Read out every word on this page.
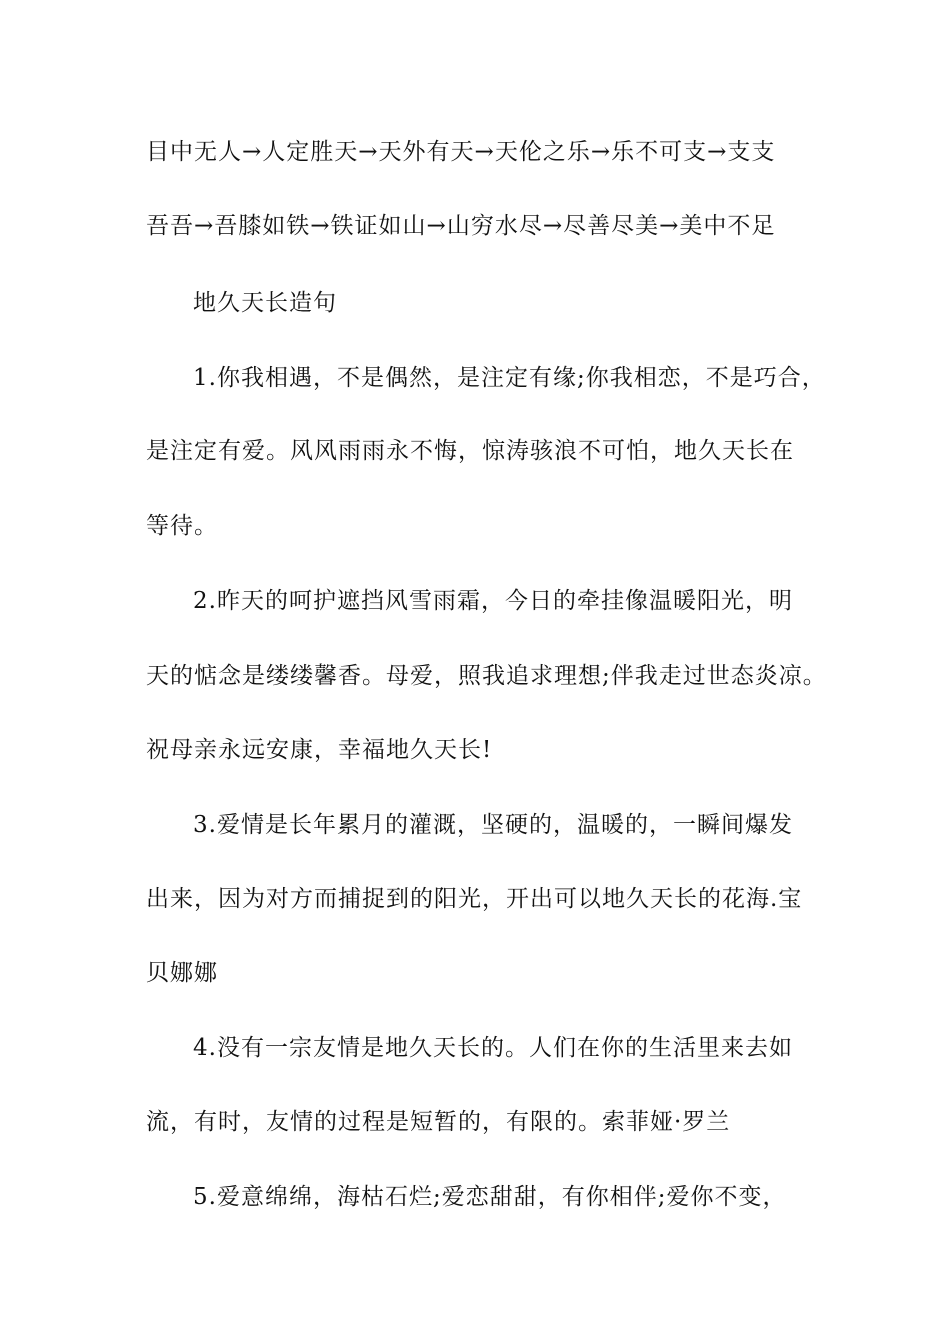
目中无人→人定胜天→天外有天→天伦之乐→乐不可支→支支
吾吾→吾膝如铁→铁证如山→山穷水尽→尽善尽美→美中不足
地久天长造句
1.你我相遇，不是偶然，是注定有缘;你我相恋，不是巧合，
是注定有爱。风风雨雨永不悔，惊涛骇浪不可怕，地久天长在
等待。
2.昨天的呵护遮挡风雪雨霜，今日的牵挂像温暖阳光，明
天的惦念是缕缕馨香。母爱，照我追求理想;伴我走过世态炎凉。
祝母亲永远安康，幸福地久天长!
3.爱情是长年累月的灌溉，坚硬的，温暖的，一瞬间爆发
出来，因为对方而捕捉到的阳光，开出可以地久天长的花海.宝
贝娜娜
4.没有一宗友情是地久天长的。人们在你的生活里来去如
流，有时，友情的过程是短暂的，有限的。索菲娅·罗兰
5.爱意绵绵，海枯石烂;爱恋甜甜，有你相伴;爱你不变，
